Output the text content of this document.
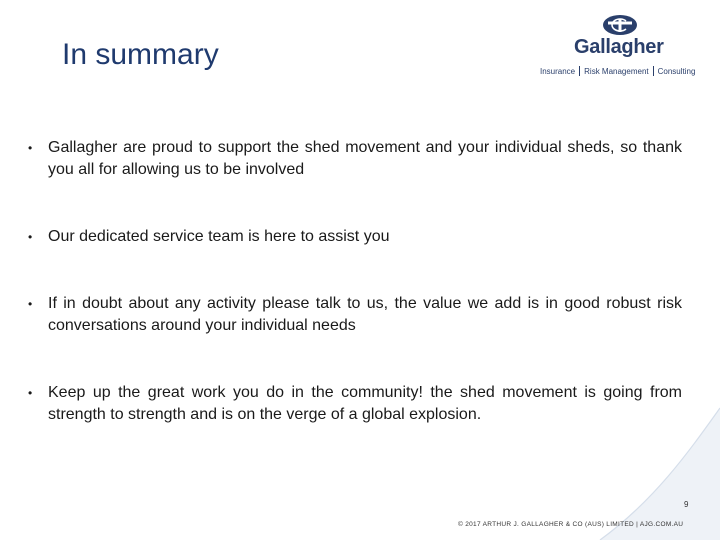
In summary	Gallagher
Insurance Risk Management Consulting
• Gallagher are proud to support the shed movement and your individual sheds, so thank you all for allowing us to be involved
• Our dedicated service team is here to assist you
• If in doubt about any activity please talk to us, the value we add is in good robust risk conversations around your individual needs
• Keep up the great work you do in the community! the shed movement is going from strength to strength and is on the verge of a global explosion.
9
© 2017 ARTHUR J. GALLAGHER & CO (AUS) LIMITED | AJG.COM.AU
